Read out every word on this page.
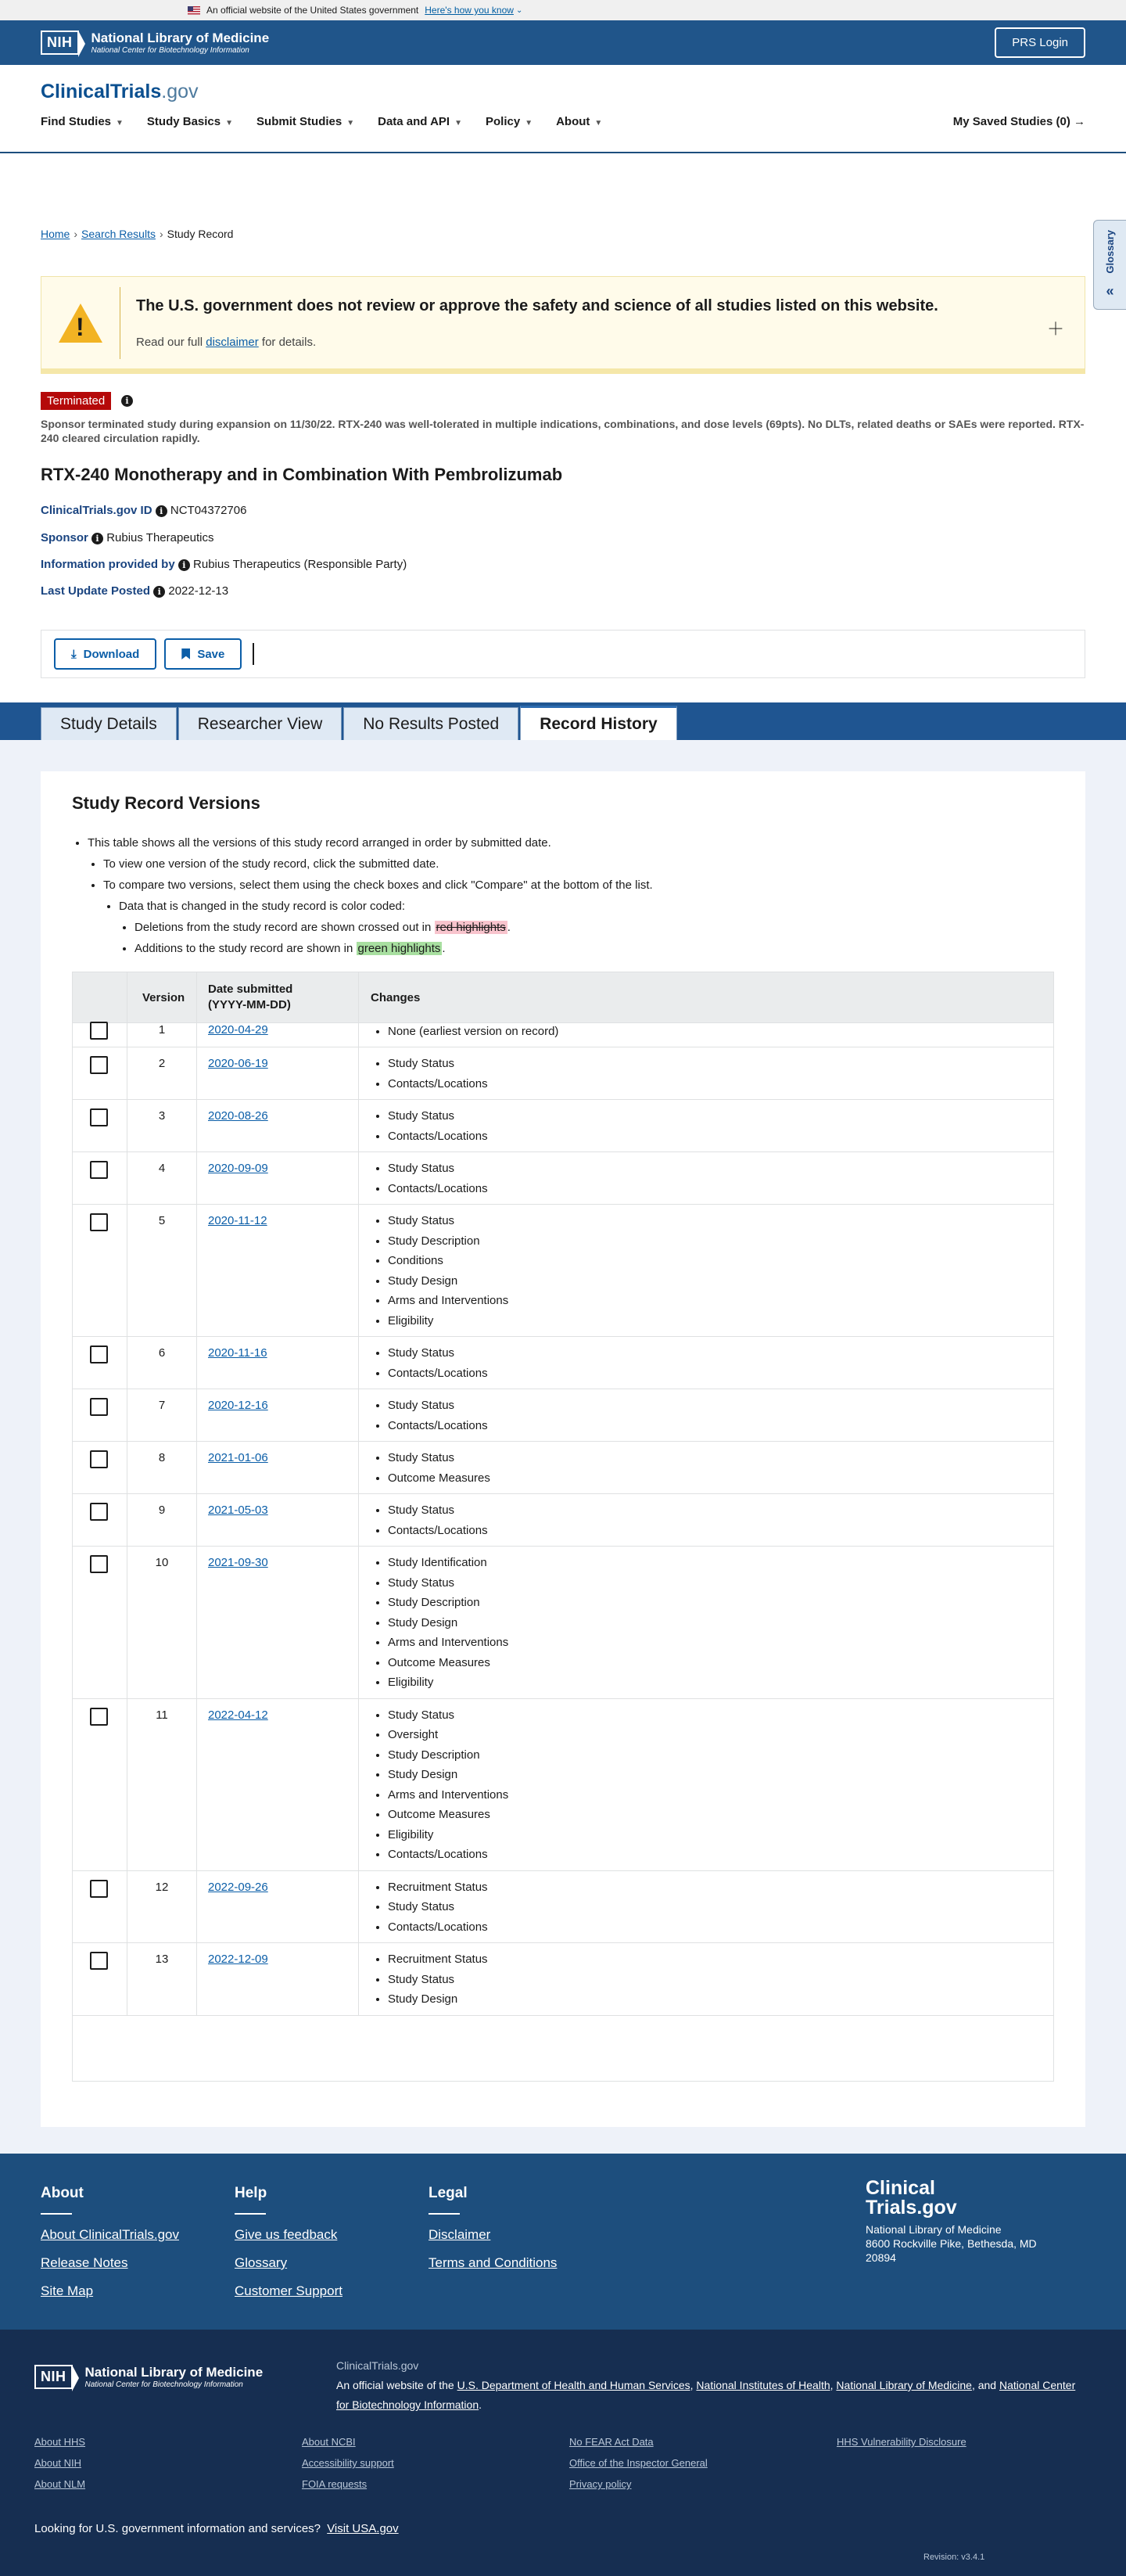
An official website of the United States government Here's how you know ⌄
NIH	National Library of Medicine
National Center for Biotechnology Information
PRS Login
ClinicalTrials.gov
Find Studies ▼ Study Basics ▼ Submit Studies ▼ Data and API ▼ Policy ▼ About ▼	My Saved Studies (0) →
Glossary
«
Home › Search Results › Study Record
!
The U.S. government does not review or approve the safety and science of all studies listed on this website.
Read our full disclaimer for details.
＋
Terminated	i
Sponsor terminated study during expansion on 11/30/22. RTX-240 was well-tolerated in multiple indications, combinations, and dose levels (69pts). No DLTs, related deaths or SAEs were reported. RTX-240 cleared circulation rapidly.
RTX-240 Monotherapy and in Combination With Pembrolizumab
ClinicalTrials.gov ID i NCT04372706
Sponsor i Rubius Therapeutics
Information provided by i Rubius Therapeutics (Responsible Party)
Last Update Posted i 2022-12-13
⤓ Download	Save
Study Details	Researcher View	No Results Posted	Record History
Study Record Versions
• This table shows all the versions of this study record arranged in order by submitted date.
• To view one version of the study record, click the submitted date.
• To compare two versions, select them using the check boxes and click "Compare" at the bottom of the list.
• Data that is changed in the study record is color coded:
• Deletions from the study record are shown crossed out in red highlights .
• Additions to the study record are shown in green highlights .
Version
Date submitted
(YYYY-MM-DD)
Changes
1	2020-04-29	• None (earliest version on record)
2	2020-06-19	• Study Status
• Contacts/Locations
3	2020-08-26	• Study Status
• Contacts/Locations
4	2020-09-09	• Study Status
• Contacts/Locations
5	2020-11-12	• Study Status
• Study Description
• Conditions
• Study Design
• Arms and Interventions
• Eligibility
6	2020-11-16	• Study Status
• Contacts/Locations
7	2020-12-16	• Study Status
• Contacts/Locations
8	2021-01-06	• Study Status
• Outcome Measures
9	2021-05-03	• Study Status
• Contacts/Locations
10	2021-09-30	• Study Identification
• Study Status
• Study Description
• Study Design
• Arms and Interventions
• Outcome Measures
• Eligibility
11	2022-04-12	• Study Status
• Oversight
• Study Description
• Study Design
• Arms and Interventions
• Outcome Measures
• Eligibility
• Contacts/Locations
12	2022-09-26	• Recruitment Status
• Study Status
• Contacts/Locations
13	2022-12-09	• Recruitment Status
• Study Status
• Study Design
About
About ClinicalTrials.gov
Release Notes
Site Map
Help
Give us feedback
Glossary
Customer Support
Legal
Disclaimer
Terms and Conditions
Clinical
Trials.gov
National Library of Medicine
8600 Rockville Pike, Bethesda, MD
20894
NIH	National Library of Medicine
National Center for Biotechnology Information
ClinicalTrials.gov
An official website of the U.S. Department of Health and Human Services, National Institutes of Health, National Library of Medicine, and National Center for Biotechnology Information.
About HHS
About NIH
About NLM
About NCBI
Accessibility support
FOIA requests
No FEAR Act Data
Office of the Inspector General
Privacy policy
HHS Vulnerability Disclosure
Looking for U.S. government information and services? Visit USA.gov
Revision: v3.4.1
